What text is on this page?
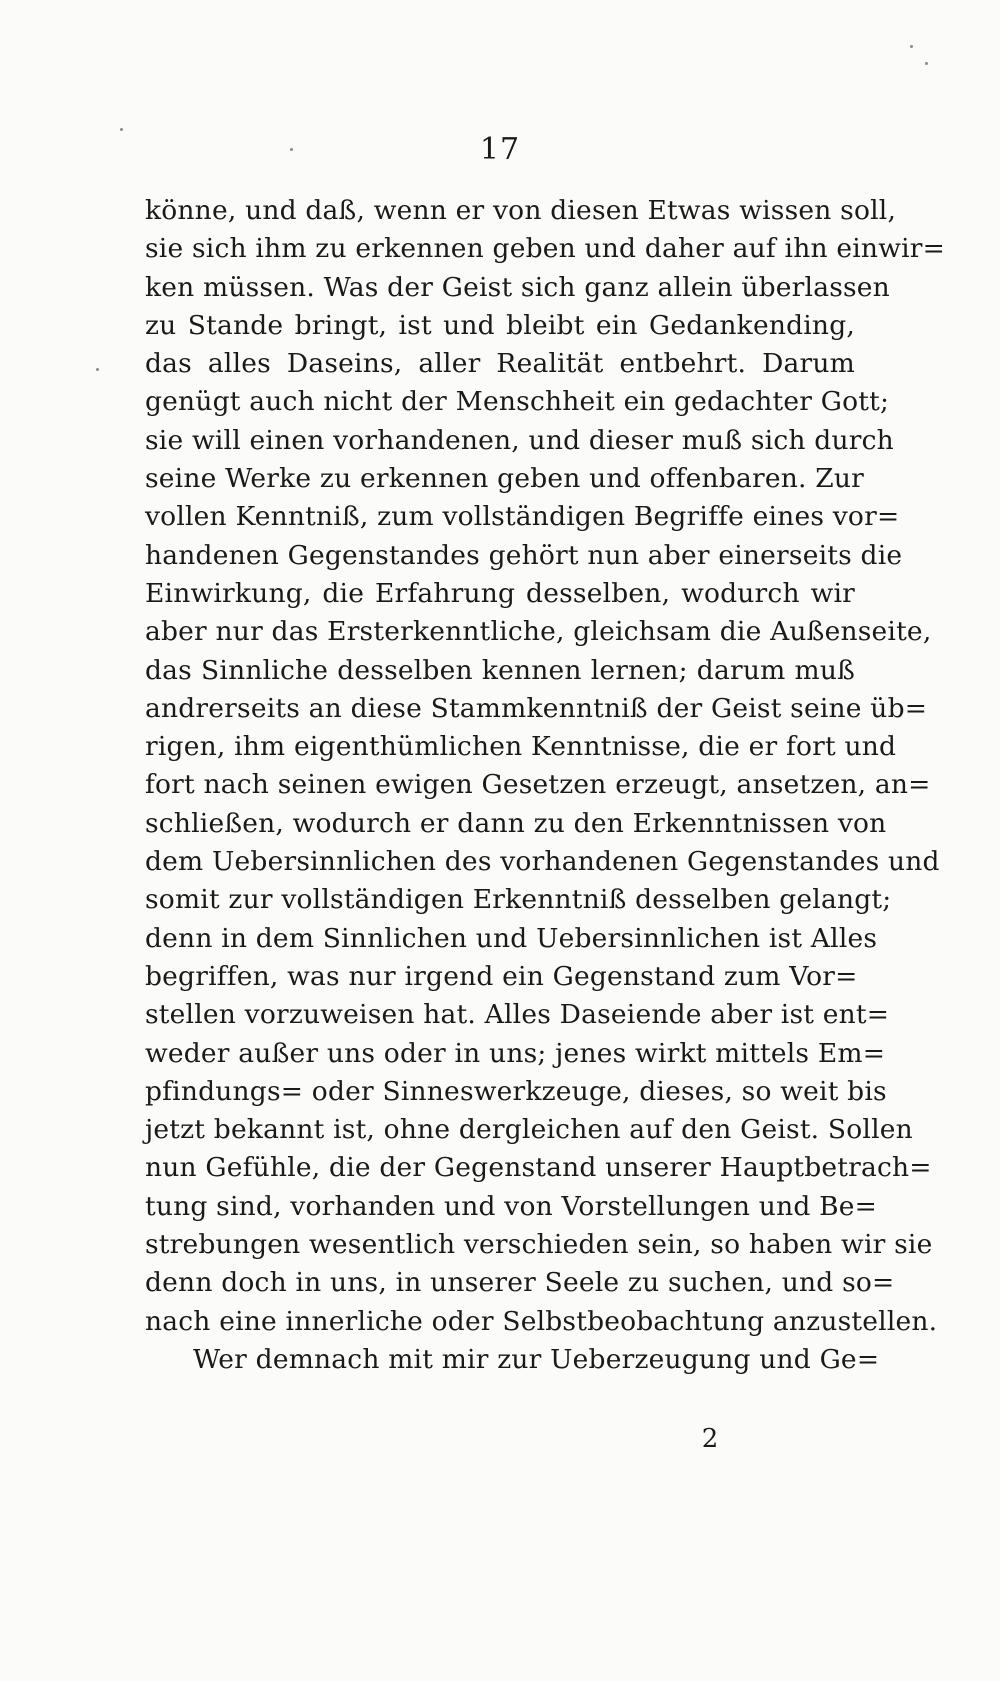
17
könne, und daß, wenn er von diesen Etwas wissen soll,
sie sich ihm zu erkennen geben und daher auf ihn einwir=
ken müssen. Was der Geist sich ganz allein überlassen
zu Stande bringt, ist und bleibt ein Gedankending,
das alles Daseins, aller Realität entbehrt. Darum
genügt auch nicht der Menschheit ein gedachter Gott;
sie will einen vorhandenen, und dieser muß sich durch
seine Werke zu erkennen geben und offenbaren. Zur
vollen Kenntniß, zum vollständigen Begriffe eines vor=
handenen Gegenstandes gehört nun aber einerseits die
Einwirkung, die Erfahrung desselben, wodurch wir
aber nur das Ersterkenntliche, gleichsam die Außenseite,
das Sinnliche desselben kennen lernen; darum muß
andrerseits an diese Stammkenntniß der Geist seine üb=
rigen, ihm eigenthümlichen Kenntnisse, die er fort und
fort nach seinen ewigen Gesetzen erzeugt, ansetzen, an=
schließen, wodurch er dann zu den Erkenntnissen von
dem Uebersinnlichen des vorhandenen Gegenstandes und
somit zur vollständigen Erkenntniß desselben gelangt;
denn in dem Sinnlichen und Uebersinnlichen ist Alles
begriffen, was nur irgend ein Gegenstand zum Vor=
stellen vorzuweisen hat. Alles Daseiende aber ist ent=
weder außer uns oder in uns; jenes wirkt mittels Em=
pfindungs= oder Sinneswerkzeuge, dieses, so weit bis
jetzt bekannt ist, ohne dergleichen auf den Geist. Sollen
nun Gefühle, die der Gegenstand unserer Hauptbetrach=
tung sind, vorhanden und von Vorstellungen und Be=
strebungen wesentlich verschieden sein, so haben wir sie
denn doch in uns, in unserer Seele zu suchen, und so=
nach eine innerliche oder Selbstbeobachtung anzustellen.
Wer demnach mit mir zur Ueberzeugung und Ge=
2
